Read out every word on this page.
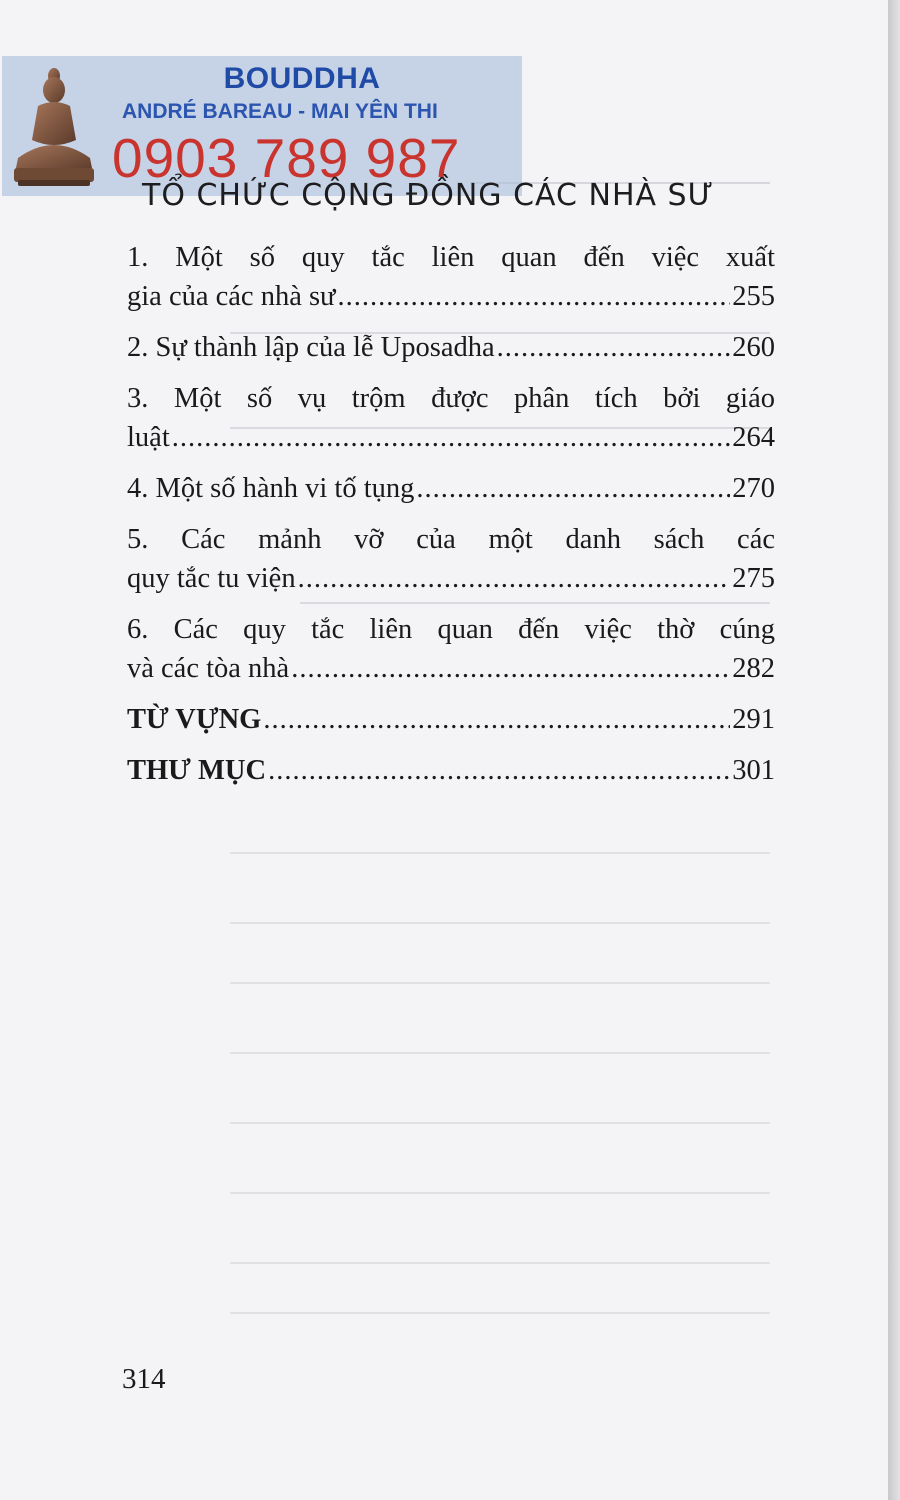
BOUDDHA
ANDRÉ BAREAU - MAI YÊN THI
0903 789 987
TỔ CHỨC CỘNG ĐỒNG CÁC NHÀ SƯ
1. Một số quy tắc liên quan đến việc xuất
gia của các nhà sư .....	255
2. Sự thành lập của lễ Uposadha .....	260
3. Một số vụ trộm được phân tích bởi giáo
luật .....	264
4. Một số hành vi tố tụng .....	270
5. Các mảnh vỡ của một danh sách các
quy tắc tu viện .....	275
6. Các quy tắc liên quan đến việc thờ cúng
và các tòa nhà .....	282
TỪ VỰNG .....	291
THƯ MỤC .....	301
314
